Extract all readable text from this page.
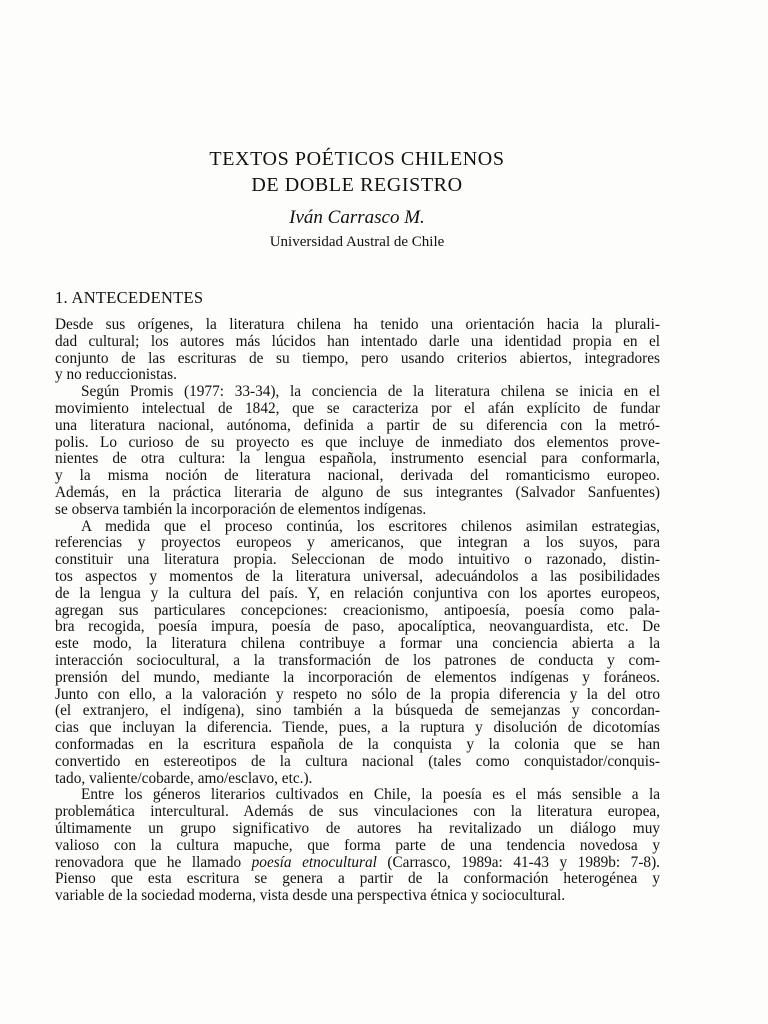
TEXTOS POÉTICOS CHILENOS
DE DOBLE REGISTRO
Iván Carrasco M.
Universidad Austral de Chile
1. ANTECEDENTES
Desde sus orígenes, la literatura chilena ha tenido una orientación hacia la plurali-
dad cultural; los autores más lúcidos han intentado darle una identidad propia en el
conjunto de las escrituras de su tiempo, pero usando criterios abiertos, integradores
y no reduccionistas.
Según Promis (1977: 33-34), la conciencia de la literatura chilena se inicia en el
movimiento intelectual de 1842, que se caracteriza por el afán explícito de fundar
una literatura nacional, autónoma, definida a partir de su diferencia con la metró-
polis. Lo curioso de su proyecto es que incluye de inmediato dos elementos prove-
nientes de otra cultura: la lengua española, instrumento esencial para conformarla,
y la misma noción de literatura nacional, derivada del romanticismo europeo.
Además, en la práctica literaria de alguno de sus integrantes (Salvador Sanfuentes)
se observa también la incorporación de elementos indígenas.
A medida que el proceso continúa, los escritores chilenos asimilan estrategias,
referencias y proyectos europeos y americanos, que integran a los suyos, para
constituir una literatura propia. Seleccionan de modo intuitivo o razonado, distin-
tos aspectos y momentos de la literatura universal, adecuándolos a las posibilidades
de la lengua y la cultura del país. Y, en relación conjuntiva con los aportes europeos,
agregan sus particulares concepciones: creacionismo, antipoesía, poesía como pala-
bra recogida, poesía impura, poesía de paso, apocalíptica, neovanguardista, etc. De
este modo, la literatura chilena contribuye a formar una conciencia abierta a la
interacción sociocultural, a la transformación de los patrones de conducta y com-
prensión del mundo, mediante la incorporación de elementos indígenas y foráneos.
Junto con ello, a la valoración y respeto no sólo de la propia diferencia y la del otro
(el extranjero, el indígena), sino también a la búsqueda de semejanzas y concordan-
cias que incluyan la diferencia. Tiende, pues, a la ruptura y disolución de dicotomías
conformadas en la escritura española de la conquista y la colonia que se han
convertido en estereotipos de la cultura nacional (tales como conquistador/conquis-
tado, valiente/cobarde, amo/esclavo, etc.).
Entre los géneros literarios cultivados en Chile, la poesía es el más sensible a la
problemática intercultural. Además de sus vinculaciones con la literatura europea,
últimamente un grupo significativo de autores ha revitalizado un diálogo muy
valioso con la cultura mapuche, que forma parte de una tendencia novedosa y
renovadora que he llamado poesía etnocultural (Carrasco, 1989a: 41-43 y 1989b: 7-8).
Pienso que esta escritura se genera a partir de la conformación heterogénea y
variable de la sociedad moderna, vista desde una perspectiva étnica y sociocultural.
